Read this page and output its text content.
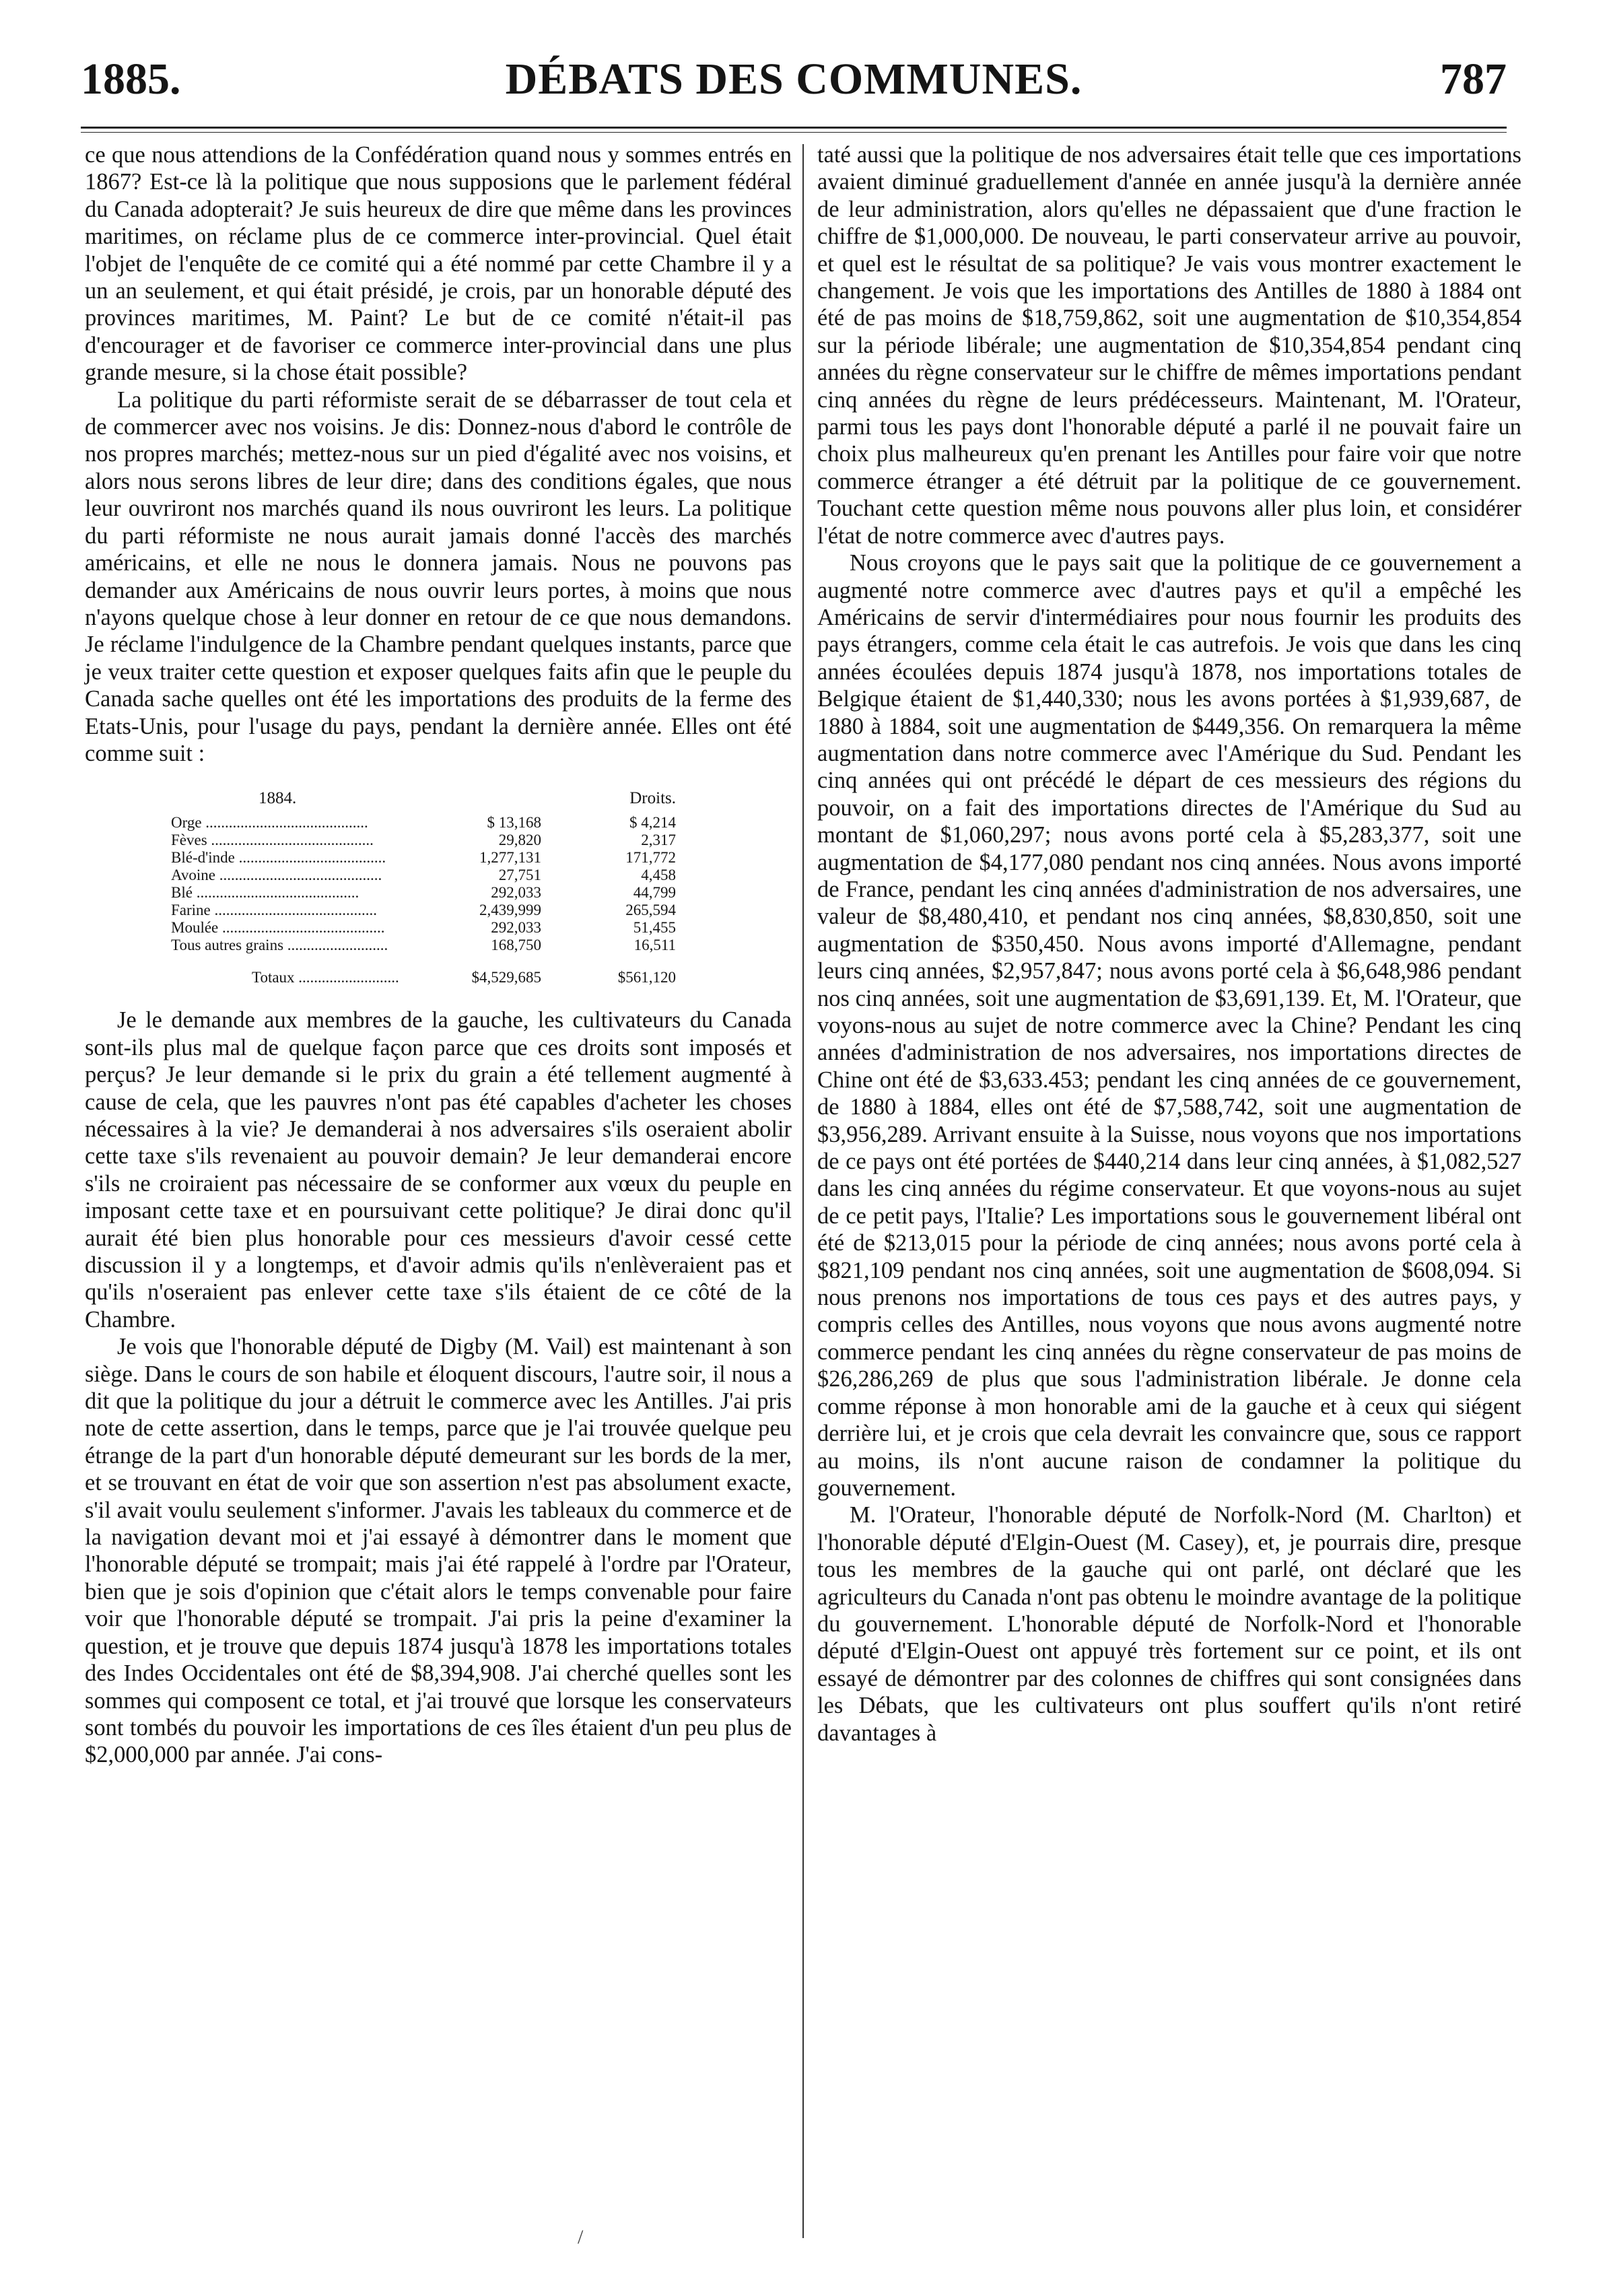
1885.	DÉBATS DES COMMUNES.	787

ce que nous attendions de la Confédération quand nous y sommes entrés en 1867? Est-ce là la politique que nous supposions que le parlement fédéral du Canada adopterait? Je suis heureux de dire que même dans les provinces maritimes, on réclame plus de ce commerce inter-provincial. Quel était l'objet de l'enquête de ce comité qui a été nommé par cette Chambre il y a un an seulement, et qui était présidé, je crois, par un honorable député des provinces maritimes, M. Paint? Le but de ce comité n'était-il pas d'encourager et de favoriser ce commerce inter-provincial dans une plus grande mesure, si la chose était possible?

La politique du parti réformiste serait de se débarrasser de tout cela et de commercer avec nos voisins. Je dis: Donnez-nous d'abord le contrôle de nos propres marchés; mettez-nous sur un pied d'égalité avec nos voisins, et alors nous serons libres de leur dire; dans des conditions égales, que nous leur ouvriront nos marchés quand ils nous ouvriront les leurs. La politique du parti réformiste ne nous aurait jamais donné l'accès des marchés américains, et elle ne nous le donnera jamais. Nous ne pouvons pas demander aux Américains de nous ouvrir leurs portes, à moins que nous n'ayons quelque chose à leur donner en retour de ce que nous demandons. Je réclame l'indulgence de la Chambre pendant quelques instants, parce que je veux traiter cette question et exposer quelques faits afin que le peuple du Canada sache quelles ont été les importations des produits de la ferme des Etats-Unis, pour l'usage du pays, pendant la dernière année. Elles ont été comme suit :

1884.	Droits.
Orge ..........................................	$ 13,168	$ 4,214
Fèves ..........................................	29,820	2,317
Blé-d'inde ......................................	1,277,131	171,772
Avoine ..........................................	27,751	4,458
Blé ..........................................	292,033	44,799
Farine ..........................................	2,439,999	265,594
Moulée ..........................................	292,033	51,455
Tous autres grains ..........................	168,750	16,511
Totaux ..........................	$4,529,685	$561,120

Je le demande aux membres de la gauche, les cultivateurs du Canada sont-ils plus mal de quelque façon parce que ces droits sont imposés et perçus? Je leur demande si le prix du grain a été tellement augmenté à cause de cela, que les pauvres n'ont pas été capables d'acheter les choses nécessaires à la vie? Je demanderai à nos adversaires s'ils oseraient abolir cette taxe s'ils revenaient au pouvoir demain? Je leur demanderai encore s'ils ne croiraient pas nécessaire de se conformer aux vœux du peuple en imposant cette taxe et en poursuivant cette politique? Je dirai donc qu'il aurait été bien plus honorable pour ces messieurs d'avoir cessé cette discussion il y a longtemps, et d'avoir admis qu'ils n'enlèveraient pas et qu'ils n'oseraient pas enlever cette taxe s'ils étaient de ce côté de la Chambre.

Je vois que l'honorable député de Digby (M. Vail) est maintenant à son siège. Dans le cours de son habile et éloquent discours, l'autre soir, il nous a dit que la politique du jour a détruit le commerce avec les Antilles. J'ai pris note de cette assertion, dans le temps, parce que je l'ai trouvée quelque peu étrange de la part d'un honorable député demeurant sur les bords de la mer, et se trouvant en état de voir que son assertion n'est pas absolument exacte, s'il avait voulu seulement s'informer. J'avais les tableaux du commerce et de la navigation devant moi et j'ai essayé à démontrer dans le moment que l'honorable député se trompait; mais j'ai été rappelé à l'ordre par l'Orateur, bien que je sois d'opinion que c'était alors le temps convenable pour faire voir que l'honorable député se trompait. J'ai pris la peine d'examiner la question, et je trouve que depuis 1874 jusqu'à 1878 les importations totales des Indes Occidentales ont été de $8,394,908. J'ai cherché quelles sont les sommes qui composent ce total, et j'ai trouvé que lorsque les conservateurs sont tombés du pouvoir les importations de ces îles étaient d'un peu plus de $2,000,000 par année. J'ai cons-

taté aussi que la politique de nos adversaires était telle que ces importations avaient diminué graduellement d'année en année jusqu'à la dernière année de leur administration, alors qu'elles ne dépassaient que d'une fraction le chiffre de $1,000,000. De nouveau, le parti conservateur arrive au pouvoir, et quel est le résultat de sa politique? Je vais vous montrer exactement le changement. Je vois que les importations des Antilles de 1880 à 1884 ont été de pas moins de $18,759,862, soit une augmentation de $10,354,854 sur la période libérale; une augmentation de $10,354,854 pendant cinq années du règne conservateur sur le chiffre de mêmes importations pendant cinq années du règne de leurs prédécesseurs. Maintenant, M. l'Orateur, parmi tous les pays dont l'honorable député a parlé il ne pouvait faire un choix plus malheureux qu'en prenant les Antilles pour faire voir que notre commerce étranger a été détruit par la politique de ce gouvernement. Touchant cette question même nous pouvons aller plus loin, et considérer l'état de notre commerce avec d'autres pays.

Nous croyons que le pays sait que la politique de ce gouvernement a augmenté notre commerce avec d'autres pays et qu'il a empêché les Américains de servir d'intermédiaires pour nous fournir les produits des pays étrangers, comme cela était le cas autrefois. Je vois que dans les cinq années écoulées depuis 1874 jusqu'à 1878, nos importations totales de Belgique étaient de $1,440,330; nous les avons portées à $1,939,687, de 1880 à 1884, soit une augmentation de $449,356. On remarquera la même augmentation dans notre commerce avec l'Amérique du Sud. Pendant les cinq années qui ont précédé le départ de ces messieurs des régions du pouvoir, on a fait des importations directes de l'Amérique du Sud au montant de $1,060,297; nous avons porté cela à $5,283,377, soit une augmentation de $4,177,080 pendant nos cinq années. Nous avons importé de France, pendant les cinq années d'administration de nos adversaires, une valeur de $8,480,410, et pendant nos cinq années, $8,830,850, soit une augmentation de $350,450. Nous avons importé d'Allemagne, pendant leurs cinq années, $2,957,847; nous avons porté cela à $6,648,986 pendant nos cinq années, soit une augmentation de $3,691,139. Et, M. l'Orateur, que voyons-nous au sujet de notre commerce avec la Chine? Pendant les cinq années d'administration de nos adversaires, nos importations directes de Chine ont été de $3,633.453; pendant les cinq années de ce gouvernement, de 1880 à 1884, elles ont été de $7,588,742, soit une augmentation de $3,956,289. Arrivant ensuite à la Suisse, nous voyons que nos importations de ce pays ont été portées de $440,214 dans leur cinq années, à $1,082,527 dans les cinq années du régime conservateur. Et que voyons-nous au sujet de ce petit pays, l'Italie? Les importations sous le gouvernement libéral ont été de $213,015 pour la période de cinq années; nous avons porté cela à $821,109 pendant nos cinq années, soit une augmentation de $608,094. Si nous prenons nos importations de tous ces pays et des autres pays, y compris celles des Antilles, nous voyons que nous avons augmenté notre commerce pendant les cinq années du règne conservateur de pas moins de $26,286,269 de plus que sous l'administration libérale. Je donne cela comme réponse à mon honorable ami de la gauche et à ceux qui siégent derrière lui, et je crois que cela devrait les convaincre que, sous ce rapport au moins, ils n'ont aucune raison de condamner la politique du gouvernement.

M. l'Orateur, l'honorable député de Norfolk-Nord (M. Charlton) et l'honorable député d'Elgin-Ouest (M. Casey), et, je pourrais dire, presque tous les membres de la gauche qui ont parlé, ont déclaré que les agriculteurs du Canada n'ont pas obtenu le moindre avantage de la politique du gouvernement. L'honorable député de Norfolk-Nord et l'honorable député d'Elgin-Ouest ont appuyé très fortement sur ce point, et ils ont essayé de démontrer par des colonnes de chiffres qui sont consignées dans les Débats, que les cultivateurs ont plus souffert qu'ils n'ont retiré davantages à

/
